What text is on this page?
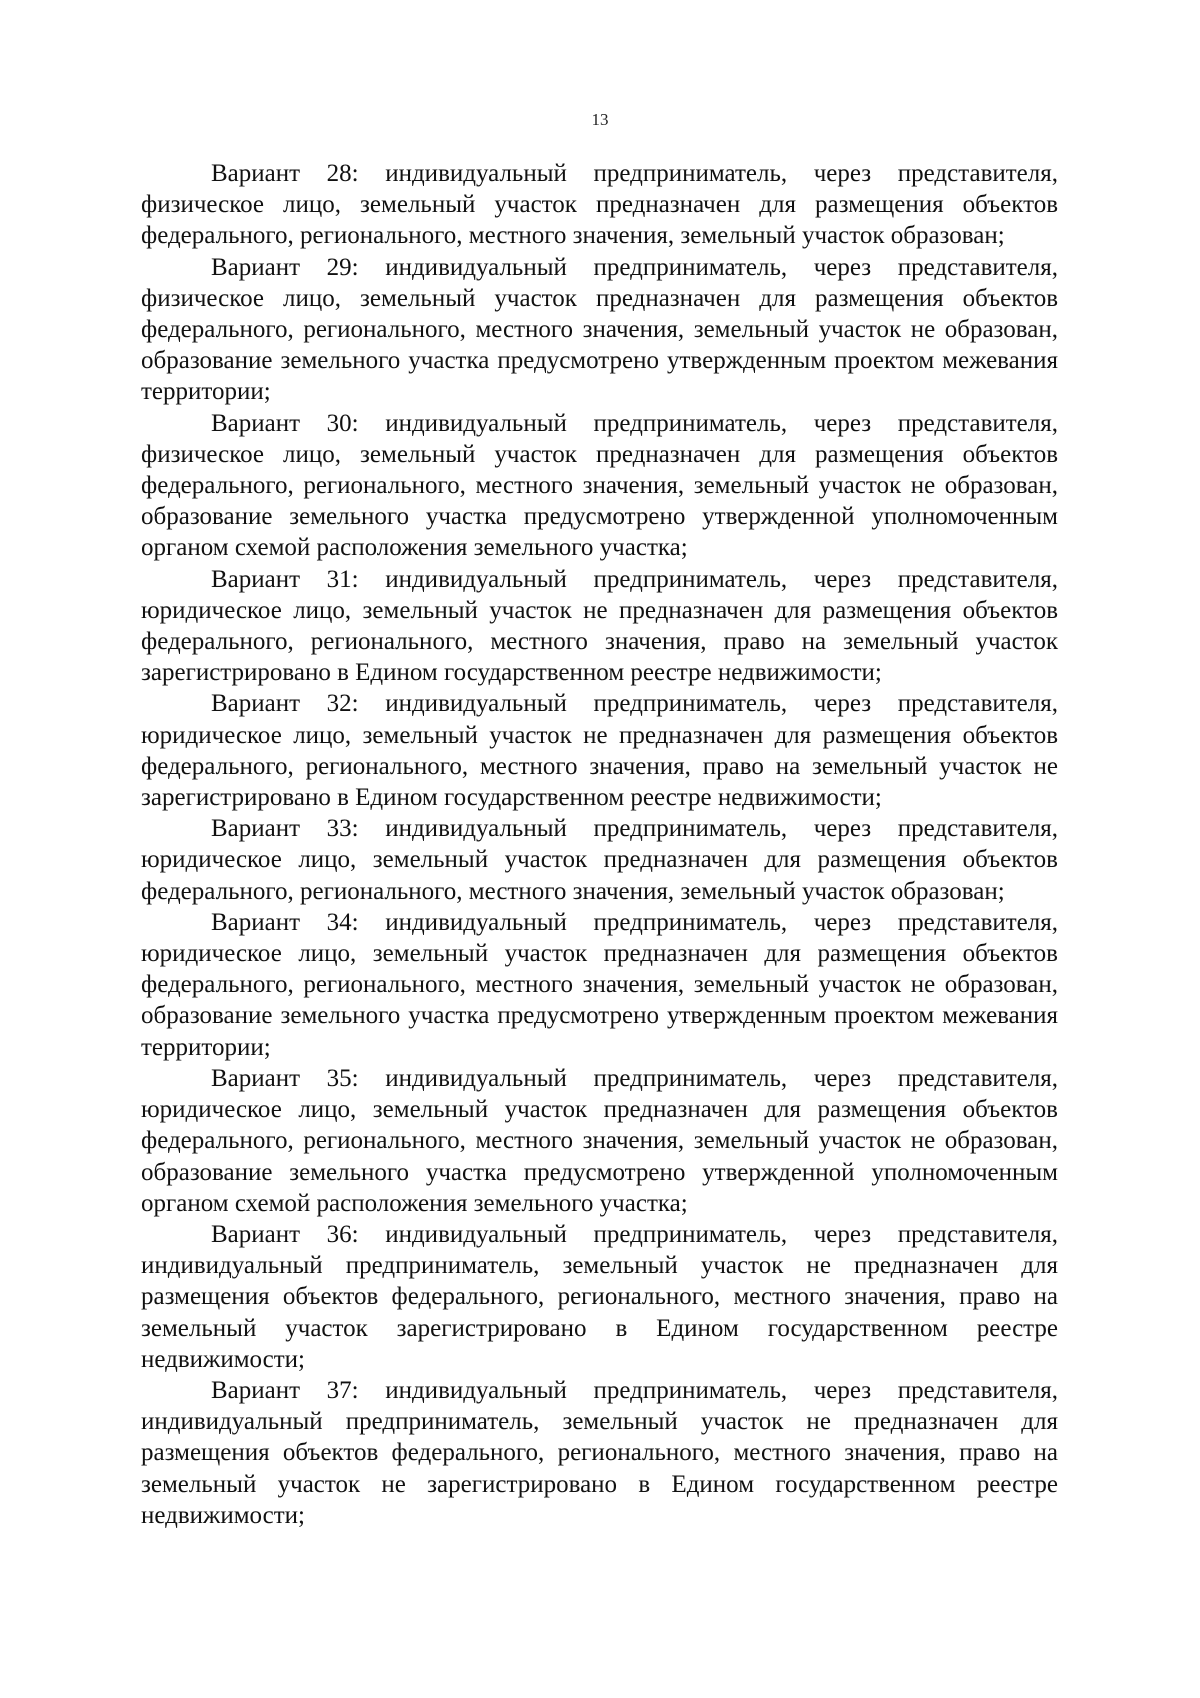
13

Вариант 28: индивидуальный предприниматель, через представителя, физическое лицо, земельный участок предназначен для размещения объектов федерального, регионального, местного значения, земельный участок образован;

Вариант 29: индивидуальный предприниматель, через представителя, физическое лицо, земельный участок предназначен для размещения объектов федерального, регионального, местного значения, земельный участок не образован, образование земельного участка предусмотрено утвержденным проектом межевания территории;

Вариант 30: индивидуальный предприниматель, через представителя, физическое лицо, земельный участок предназначен для размещения объектов федерального, регионального, местного значения, земельный участок не образован, образование земельного участка предусмотрено утвержденной уполномоченным органом схемой расположения земельного участка;

Вариант 31: индивидуальный предприниматель, через представителя, юридическое лицо, земельный участок не предназначен для размещения объектов федерального, регионального, местного значения, право на земельный участок зарегистрировано в Едином государственном реестре недвижимости;

Вариант 32: индивидуальный предприниматель, через представителя, юридическое лицо, земельный участок не предназначен для размещения объектов федерального, регионального, местного значения, право на земельный участок не зарегистрировано в Едином государственном реестре недвижимости;

Вариант 33: индивидуальный предприниматель, через представителя, юридическое лицо, земельный участок предназначен для размещения объектов федерального, регионального, местного значения, земельный участок образован;

Вариант 34: индивидуальный предприниматель, через представителя, юридическое лицо, земельный участок предназначен для размещения объектов федерального, регионального, местного значения, земельный участок не образован, образование земельного участка предусмотрено утвержденным проектом межевания территории;

Вариант 35: индивидуальный предприниматель, через представителя, юридическое лицо, земельный участок предназначен для размещения объектов федерального, регионального, местного значения, земельный участок не образован, образование земельного участка предусмотрено утвержденной уполномоченным органом схемой расположения земельного участка;

Вариант 36: индивидуальный предприниматель, через представителя, индивидуальный предприниматель, земельный участок не предназначен для размещения объектов федерального, регионального, местного значения, право на земельный участок зарегистрировано в Едином государственном реестре недвижимости;

Вариант 37: индивидуальный предприниматель, через представителя, индивидуальный предприниматель, земельный участок не предназначен для размещения объектов федерального, регионального, местного значения, право на земельный участок не зарегистрировано в Едином государственном реестре недвижимости;
